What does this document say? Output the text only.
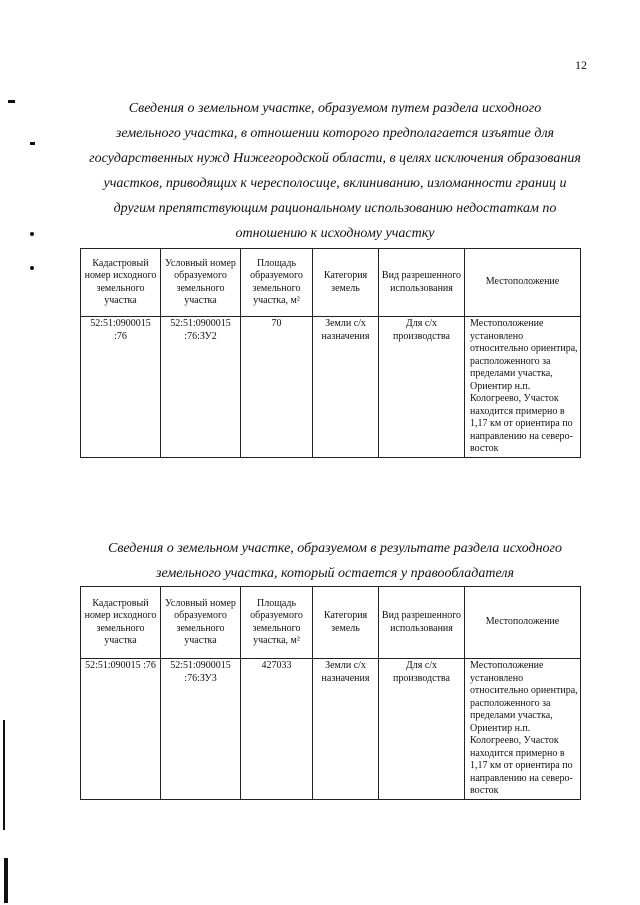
12
Сведения о земельном участке, образуемом путем раздела исходного
земельного участка, в отношении которого предполагается изъятие для
государственных нужд Нижегородской области, в целях исключения образования
участков, приводящих к чересполосице, вклиниванию, изломанности границ и
другим препятствующим рациональному использованию недостаткам по
отношению к исходному участку
Кадастровый номер исходного земельного участка	Условный номер образуемого земельного участка	Площадь образуемого земельного участка, м²	Категория земель	Вид разрешенного использования	Местоположение
52:51:0900015 :76	52:51:0900015 :76:ЗУ2	70	Земли с/х назначения	Для с/х производства	Местоположение установлено относительно ориентира, расположенного за пределами участка, Ориентир н.п. Кологреево, Участок находится примерно в 1,17 км от ориентира по направлению на северо-восток
Сведения о земельном участке, образуемом в результате раздела исходного
земельного участка, который остается у правообладателя
Кадастровый номер исходного земельного участка	Условный номер образуемого земельного участка	Площадь образуемого земельного участка, м²	Категория земель	Вид разрешенного использования	Местоположение
52:51:090015 :76	52:51:0900015 :76:ЗУ3	427033	Земли с/х назначения	Для с/х производства	Местоположение установлено относительно ориентира, расположенного за пределами участка, Ориентир н.п. Кологреево, Участок находится примерно в 1,17 км от ориентира по направлению на северо-восток
